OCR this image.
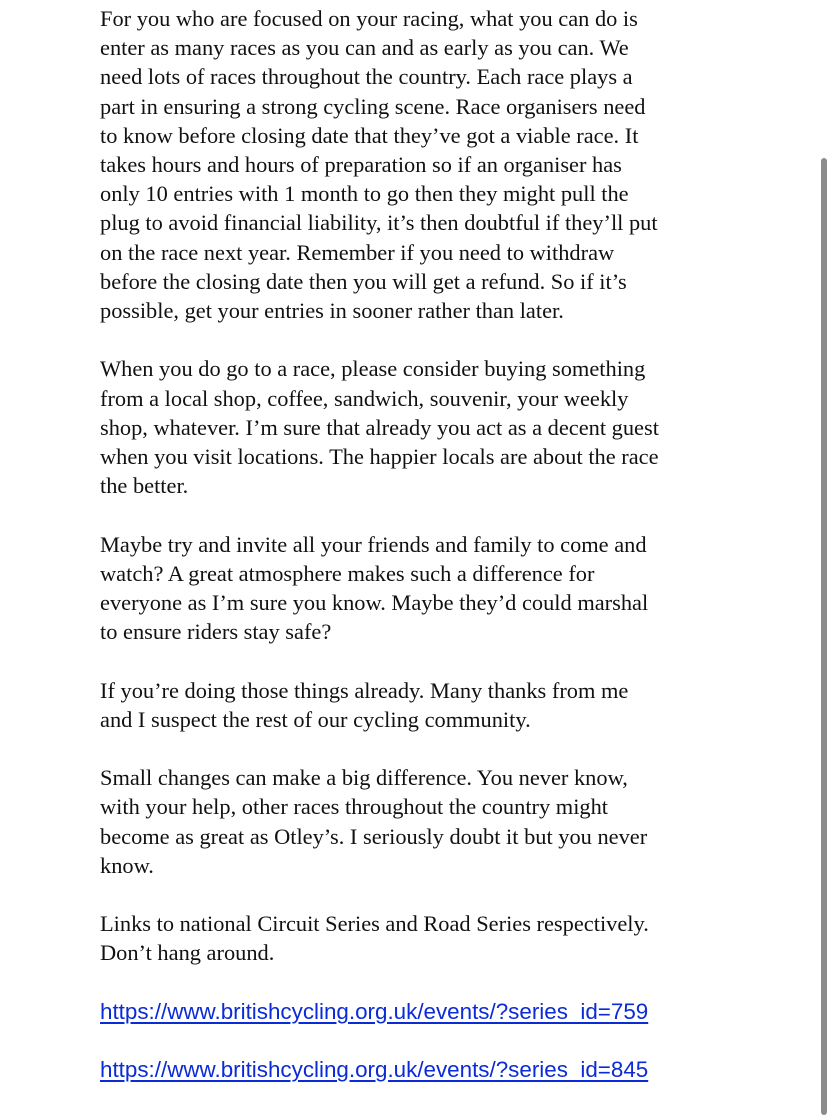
For you who are focused on your racing, what you can do is
enter as many races as you can and as early as you can. We
need lots of races throughout the country. Each race plays a
part in ensuring a strong cycling scene. Race organisers need
to know before closing date that they’ve got a viable race. It
takes hours and hours of preparation so if an organiser has
only 10 entries with 1 month to go then they might pull the
plug to avoid financial liability, it’s then doubtful if they’ll put
on the race next year. Remember if you need to withdraw
before the closing date then you will get a refund. So if it’s
possible, get your entries in sooner rather than later.

When you do go to a race, please consider buying something
from a local shop, coffee, sandwich, souvenir, your weekly
shop, whatever. I’m sure that already you act as a decent guest
when you visit locations. The happier locals are about the race
the better.

Maybe try and invite all your friends and family to come and
watch? A great atmosphere makes such a difference for
everyone as I’m sure you know. Maybe they’d could marshal
to ensure riders stay safe?

If you’re doing those things already. Many thanks from me
and I suspect the rest of our cycling community.

Small changes can make a big difference. You never know,
with your help, other races throughout the country might
become as great as Otley’s. I seriously doubt it but you never
know.

Links to national Circuit Series and Road Series respectively.
Don’t hang around.

https://www.britishcycling.org.uk/events/?series_id=759
https://www.britishcycling.org.uk/events/?series_id=845
